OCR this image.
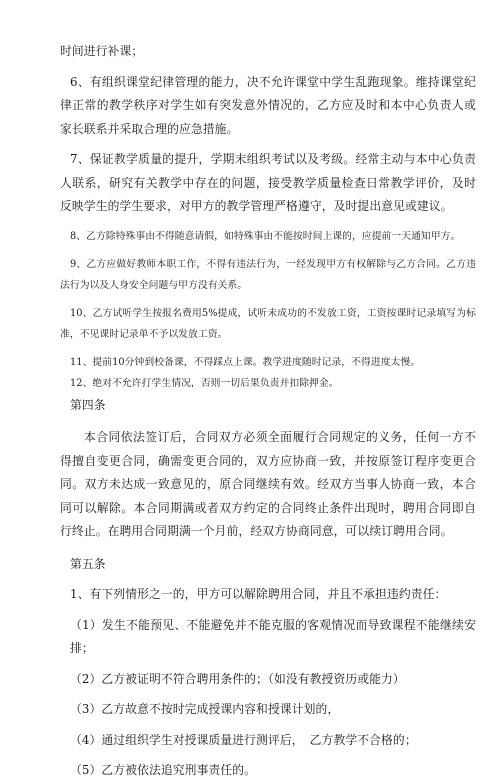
时间进行补课；

6、有组织课堂纪律管理的能力，决不允许课堂中学生乱跑现象。维持课堂纪律正常的教学秩序对学生如有突发意外情况的，乙方应及时和本中心负责人或家长联系并采取合理的应急措施。

7、保证教学质量的提升，学期末组织考试以及考级。经常主动与本中心负责人联系，研究有关教学中存在的问题，接受教学质量检查日常教学评价，及时反映学生的学生要求，对甲方的教学管理严格遵守，及时提出意见或建议。

8、乙方除特殊事由不得随意请假，如特殊事由不能按时间上课的，应提前一天通知甲方。

9、乙方应做好教师本职工作，不得有违法行为，一经发现甲方有权解除与乙方合同。乙方违法行为以及人身安全问题与甲方没有关系。

10、乙方试听学生按报名费用5%提成，试听未成功的不发放工资，工资按课时记录填写为标准，不见课时记录单不予以发放工资。

11、提前10分钟到校备课，不得踩点上课。教学进度随时记录，不得进度太慢。

12、绝对不允许打学生情况，否则一切后果负责并扣除押金。

第四条

本合同依法签订后，合同双方必须全面履行合同规定的义务，任何一方不得擅自变更合同，确需变更合同的，双方应协商一致，并按原签订程序变更合同。双方未达成一致意见的，原合同继续有效。经双方当事人协商一致，本合同可以解除。本合同期满或者双方约定的合同终止条件出现时，聘用合同即自行终止。在聘用合同期满一个月前，经双方协商同意，可以续订聘用合同。

第五条

1、有下列情形之一的，甲方可以解除聘用合同，并且不承担违约责任：

（1）发生不能预见、不能避免并不能克服的客观情况而导致课程不能继续安排；

（2）乙方被证明不符合聘用条件的；（如没有教授资历或能力）

（3）乙方故意不按时完成授课内容和授课计划的，

（4）通过组织学生对授课质量进行测评后，　乙方教学不合格的；

（5）乙方被依法追究刑事责任的。
